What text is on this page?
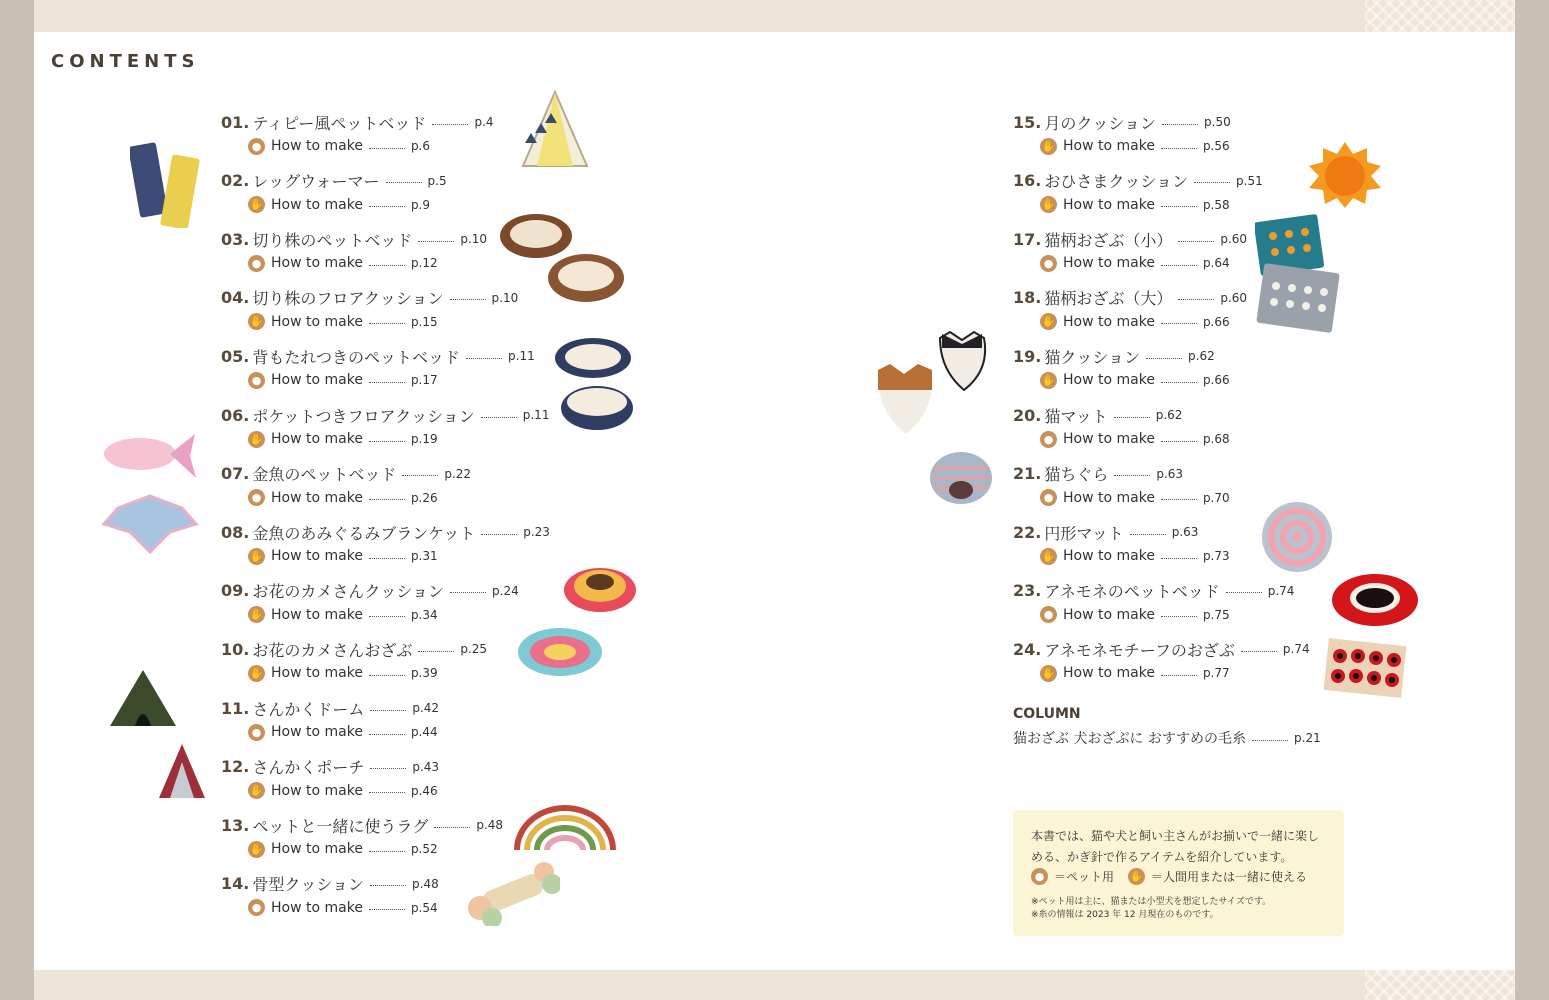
CONTENTS
01. ティピー風ペットベッド	p.4
● How to make	p.6
02. レッグウォーマー	p.5
✋ How to make	p.9
03. 切り株のペットベッド	p.10
● How to make	p.12
04. 切り株のフロアクッション	p.10
✋ How to make	p.15
05. 背もたれつきのペットベッド	p.11
● How to make	p.17
06. ポケットつきフロアクッション	p.11
✋ How to make	p.19
07. 金魚のペットベッド	p.22
● How to make	p.26
08. 金魚のあみぐるみブランケット	p.23
✋ How to make	p.31
09. お花のカメさんクッション	p.24
✋ How to make	p.34
10. お花のカメさんおざぶ	p.25
✋ How to make	p.39
11. さんかくドーム	p.42
● How to make	p.44
12. さんかくポーチ	p.43
✋ How to make	p.46
13. ペットと一緒に使うラグ	p.48
✋ How to make	p.52
14. 骨型クッション	p.48
● How to make	p.54
15. 月のクッション	p.50
✋ How to make	p.56
16. おひさまクッション	p.51
✋ How to make	p.58
17. 猫柄おざぶ（小）	p.60
● How to make	p.64
18. 猫柄おざぶ（大）	p.60
✋ How to make	p.66
19. 猫クッション	p.62
✋ How to make	p.66
20. 猫マット	p.62
● How to make	p.68
21. 猫ちぐら	p.63
● How to make	p.70
22. 円形マット	p.63
✋ How to make	p.73
23. アネモネのペットベッド	p.74
● How to make	p.75
24. アネモネモチーフのおざぶ	p.74
✋ How to make	p.77
COLUMN
猫おざぶ 犬おざぶに おすすめの毛糸	p.21

本書では、猫や犬と飼い主さんがお揃いで一緒に楽し

める、かぎ針で作るアイテムを紹介しています。

● ＝ペット用 ✋ ＝人間用または一緒に使える

※ペット用は主に、猫または小型犬を想定したサイズです。

※糸の情報は 2023 年 12 月現在のものです。
